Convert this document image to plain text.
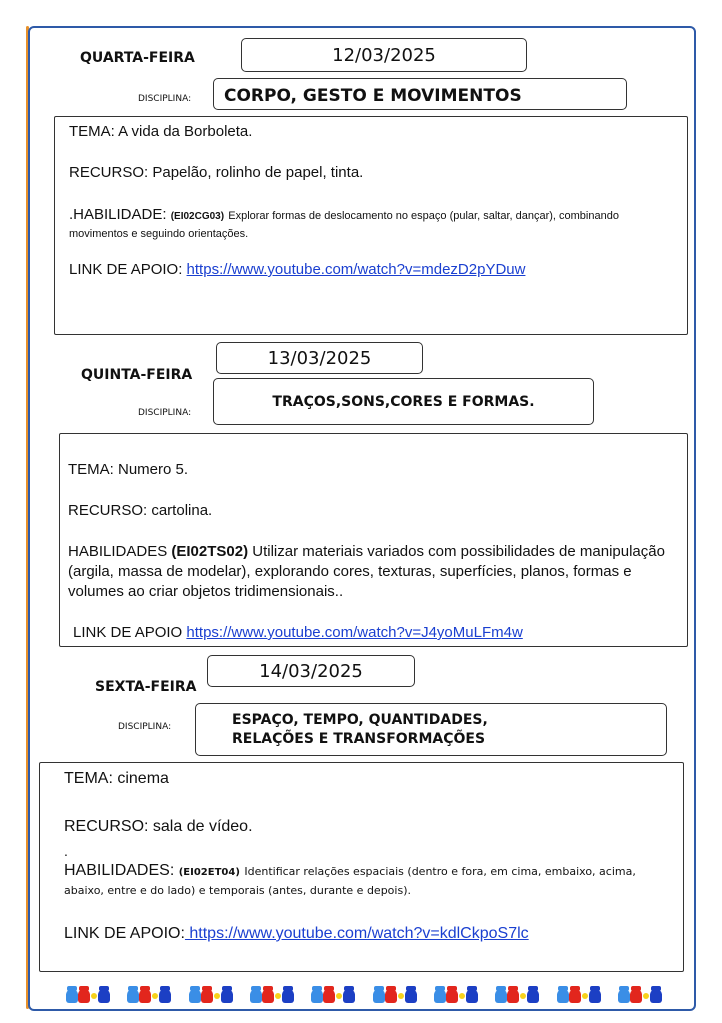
QUARTA-FEIRA	12/03/2025
DISCIPLINA:	CORPO, GESTO E MOVIMENTOS
TEMA: A vida da Borboleta.
RECURSO: Papelão, rolinho de papel, tinta.
.HABILIDADE: (EI02CG03) Explorar formas de deslocamento no espaço (pular, saltar, dançar), combinando movimentos e seguindo orientações.
LINK DE APOIO: https://www.youtube.com/watch?v=mdezD2pYDuw
13/03/2025
QUINTA-FEIRA
DISCIPLINA:
TRAÇOS,SONS,CORES E FORMAS.
TEMA: Numero 5.
RECURSO: cartolina.
HABILIDADES (EI02TS02) Utilizar materiais variados com possibilidades de manipulação (argila, massa de modelar), explorando cores, texturas, superfícies, planos, formas e volumes ao criar objetos tridimensionais..
LINK DE APOIO https://www.youtube.com/watch?v=J4yoMuLFm4w
14/03/2025
SEXTA-FEIRA
DISCIPLINA:	ESPAÇO, TEMPO, QUANTIDADES,
RELAÇÕES E TRANSFORMAÇÕES
TEMA: cinema
RECURSO: sala de vídeo.
.
HABILIDADES: (EI02ET04) Identificar relações espaciais (dentro e fora, em cima, embaixo, acima, abaixo, entre e do lado) e temporais (antes, durante e depois).
LINK DE APOIO: https://www.youtube.com/watch?v=kdlCkpoS7lc
